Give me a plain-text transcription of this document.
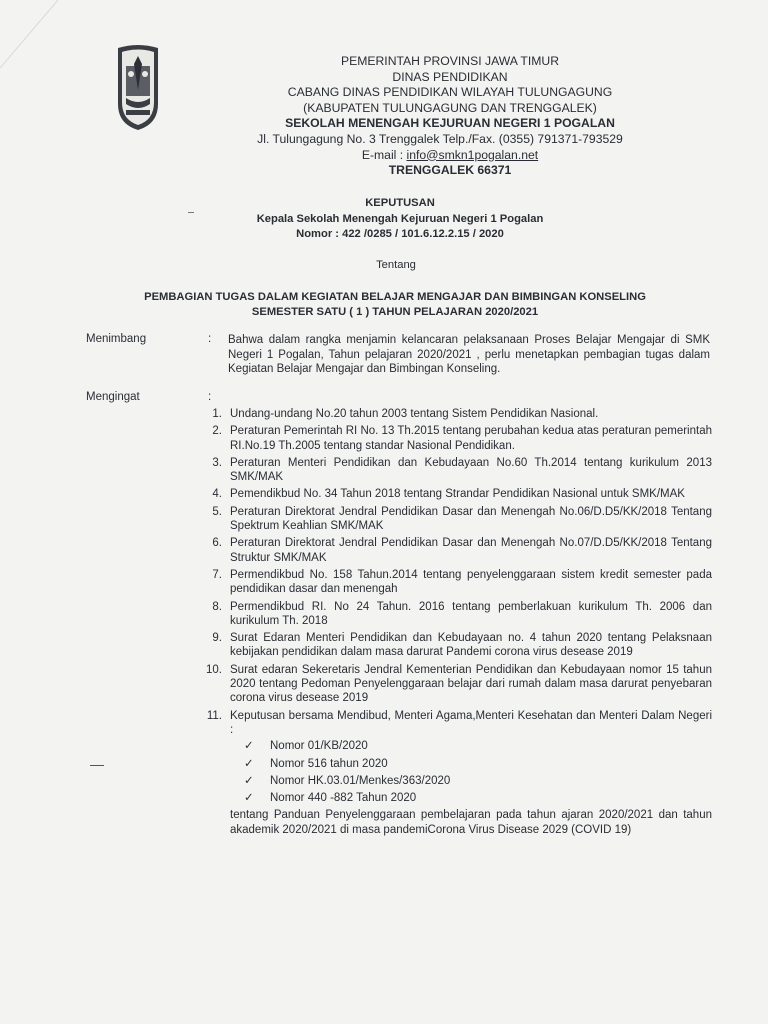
PEMERINTAH PROVINSI JAWA TIMUR
DINAS PENDIDIKAN
CABANG DINAS PENDIDIKAN WILAYAH TULUNGAGUNG
(KABUPATEN TULUNGAGUNG DAN TRENGGALEK)
SEKOLAH MENENGAH KEJURUAN NEGERI 1 POGALAN
Jl. Tulungagung No. 3 Trenggalek Telp./Fax. (0355) 791371-793529
E-mail : info@smkn1pogalan.net
TRENGGALEK 66371
KEPUTUSAN
Kepala Sekolah Menengah Kejuruan Negeri 1 Pogalan
Nomor : 422 /0285 / 101.6.12.2.15 / 2020
Tentang
PEMBAGIAN TUGAS DALAM KEGIATAN BELAJAR MENGAJAR DAN BIMBINGAN KONSELING
SEMESTER SATU ( 1 ) TAHUN PELAJARAN 2020/2021
Menimbang	: Bahwa dalam rangka menjamin kelancaran pelaksanaan Proses Belajar Mengajar di SMK Negeri 1 Pogalan, Tahun pelajaran 2020/2021 , perlu menetapkan pembagian tugas dalam Kegiatan Belajar Mengajar dan Bimbingan Konseling.
Mengingat	:
1. Undang-undang No.20 tahun 2003 tentang Sistem Pendidikan Nasional.
2. Peraturan Pemerintah RI No. 13 Th.2015 tentang perubahan kedua atas peraturan pemerintah RI.No.19 Th.2005 tentang standar Nasional Pendidikan.
3. Peraturan Menteri Pendidikan dan Kebudayaan No.60 Th.2014 tentang kurikulum 2013 SMK/MAK
4. Pemendikbud No. 34 Tahun 2018 tentang Strandar Pendidikan Nasional untuk SMK/MAK
5. Peraturan Direktorat Jendral Pendidikan Dasar dan Menengah No.06/D.D5/KK/2018 Tentang Spektrum Keahlian SMK/MAK
6. Peraturan Direktorat Jendral Pendidikan Dasar dan Menengah No.07/D.D5/KK/2018 Tentang Struktur SMK/MAK
7. Permendikbud No. 158 Tahun.2014 tentang penyelenggaraan sistem kredit semester pada pendidikan dasar dan menengah
8. Permendikbud RI. No 24 Tahun. 2016 tentang pemberlakuan kurikulum Th. 2006 dan kurikulum Th. 2018
9. Surat Edaran Menteri Pendidikan dan Kebudayaan no. 4 tahun 2020 tentang Pelaksnaan kebijakan pendidikan dalam masa darurat Pandemi corona virus desease 2019
10. Surat edaran Sekeretaris Jendral Kementerian Pendidikan dan Kebudayaan nomor 15 tahun 2020 tentang Pedoman Penyelenggaraan belajar dari rumah dalam masa darurat penyebaran corona virus desease 2019
11. Keputusan bersama Mendibud, Menteri Agama,Menteri Kesehatan dan Menteri Dalam Negeri :
✓ Nomor 01/KB/2020
✓ Nomor 516 tahun 2020
✓ Nomor HK.03.01/Menkes/363/2020
✓ Nomor 440 -882 Tahun 2020
tentang Panduan Penyelenggaraan pembelajaran pada tahun ajaran 2020/2021 dan tahun akademik 2020/2021 di masa pandemiCorona Virus Disease 2029 (COVID 19)
